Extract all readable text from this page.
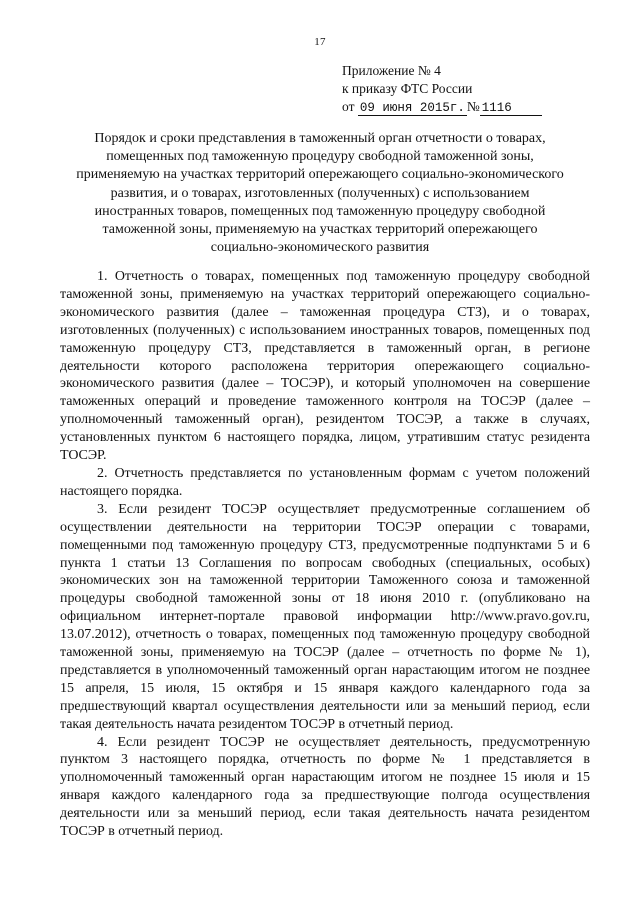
17
Приложение № 4
к приказу ФТС России
от 09 июня 2015г. № 1116
Порядок и сроки представления в таможенный орган отчетности о товарах, помещенных под таможенную процедуру свободной таможенной зоны, применяемую на участках территорий опережающего социально-экономического развития, и о товарах, изготовленных (полученных) с использованием иностранных товаров, помещенных под таможенную процедуру свободной таможенной зоны, применяемую на участках территорий опережающего социально-экономического развития

1. Отчетность о товарах, помещенных под таможенную процедуру свободной таможенной зоны, применяемую на участках территорий опережающего социально-экономического развития (далее – таможенная процедура СТЗ), и о товарах, изготовленных (полученных) с использованием иностранных товаров, помещенных под таможенную процедуру СТЗ, представляется в таможенный орган, в регионе деятельности которого расположена территория опережающего социально-экономического развития (далее – ТОСЭР), и который уполномочен на совершение таможенных операций и проведение таможенного контроля на ТОСЭР (далее – уполномоченный таможенный орган), резидентом ТОСЭР, а также в случаях, установленных пунктом 6 настоящего порядка, лицом, утратившим статус резидента ТОСЭР.

2. Отчетность представляется по установленным формам с учетом положений настоящего порядка.

3. Если резидент ТОСЭР осуществляет предусмотренные соглашением об осуществлении деятельности на территории ТОСЭР операции с товарами, помещенными под таможенную процедуру СТЗ, предусмотренные подпунктами 5 и 6 пункта 1 статьи 13 Соглашения по вопросам свободных (специальных, особых) экономических зон на таможенной территории Таможенного союза и таможенной процедуры свободной таможенной зоны от 18 июня 2010 г. (опубликовано на официальном интернет-портале правовой информации http://www.pravo.gov.ru, 13.07.2012), отчетность о товарах, помещенных под таможенную процедуру свободной таможенной зоны, применяемую на ТОСЭР (далее – отчетность по форме № 1), представляется в уполномоченный таможенный орган нарастающим итогом не позднее 15 апреля, 15 июля, 15 октября и 15 января каждого календарного года за предшествующий квартал осуществления деятельности или за меньший период, если такая деятельность начата резидентом ТОСЭР в отчетный период.

4. Если резидент ТОСЭР не осуществляет деятельность, предусмотренную пунктом 3 настоящего порядка, отчетность по форме № 1 представляется в уполномоченный таможенный орган нарастающим итогом не позднее 15 июля и 15 января каждого календарного года за предшествующие полгода осуществления деятельности или за меньший период, если такая деятельность начата резидентом ТОСЭР в отчетный период.
